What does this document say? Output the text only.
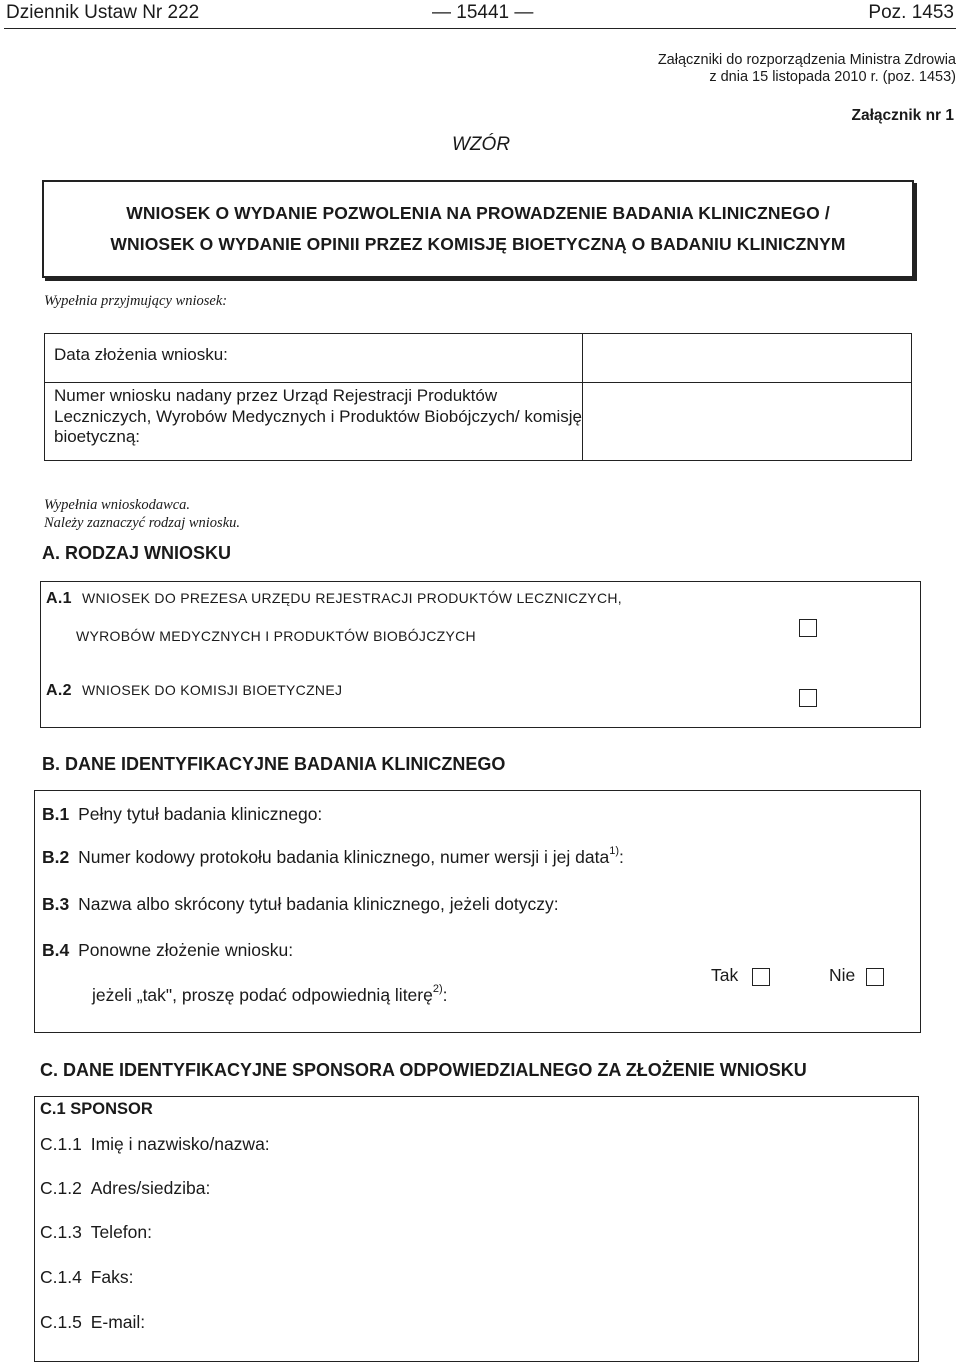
Dziennik Ustaw Nr 222	— 15441 —	Poz. 1453
Załączniki do rozporządzenia Ministra Zdrowia
z dnia 15 listopada 2010 r. (poz. 1453)
Załącznik nr 1
WZÓR
WNIOSEK O WYDANIE POZWOLENIA NA PROWADZENIE BADANIA KLINICZNEGO /
WNIOSEK O WYDANIE OPINII PRZEZ KOMISJĘ BIOETYCZNĄ O BADANIU KLINICZNYM
Wypełnia przyjmujący wniosek:
Data złożenia wniosku:
Numer wniosku nadany przez Urząd Rejestracji Produktów Leczniczych, Wyrobów Medycznych i Produktów Biobójczych/ komisję bioetyczną:
Wypełnia wnioskodawca.
Należy zaznaczyć rodzaj wniosku.
A. RODZAJ WNIOSKU
A.1 WNIOSEK DO PREZESA URZĘDU REJESTRACJI PRODUKTÓW LECZNICZYCH,
WYROBÓW MEDYCZNYCH I PRODUKTÓW BIOBÓJCZYCH
A.2 WNIOSEK DO KOMISJI BIOETYCZNEJ
B. DANE IDENTYFIKACYJNE BADANIA KLINICZNEGO
B.1 Pełny tytuł badania klinicznego:
B.2 Numer kodowy protokołu badania klinicznego, numer wersji i jej data$^{1)}$:
B.3 Nazwa albo skrócony tytuł badania klinicznego, jeżeli dotyczy:
B.4 Ponowne złożenie wniosku:
jeżeli „tak", proszę podać odpowiednią literę$^{2)}$:
Tak	Nie
C. DANE IDENTYFIKACYJNE SPONSORA ODPOWIEDZIALNEGO ZA ZŁOŻENIE WNIOSKU
C.1 SPONSOR
C.1.1 Imię i nazwisko/nazwa:
C.1.2 Adres/siedziba:
C.1.3 Telefon:
C.1.4 Faks:
C.1.5 E-mail:
